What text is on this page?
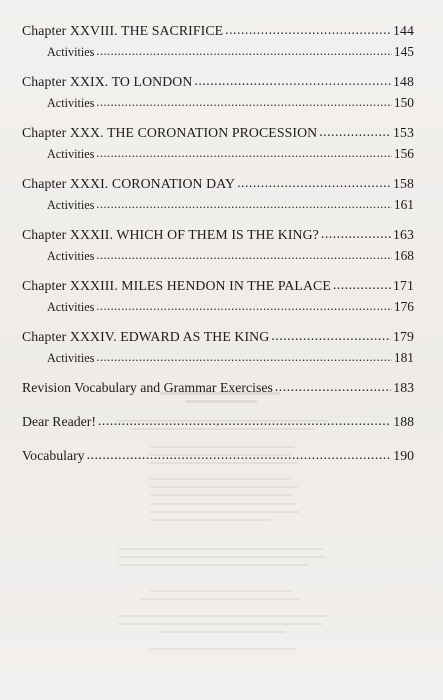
Chapter XXVIII. THE SACRIFICE .....	144
Activities .....	145
Chapter XXIX. TO LONDON .....	148
Activities .....	150
Chapter XXX. THE CORONATION PROCESSION .....	153
Activities .....	156
Chapter XXXI. CORONATION DAY .....	158
Activities .....	161
Chapter XXXII. WHICH OF THEM IS THE KING? .....	163
Activities .....	168
Chapter XXXIII. MILES HENDON IN THE PALACE .....	171
Activities .....	176
Chapter XXXIV. EDWARD AS THE KING .....	179
Activities .....	181
Revision Vocabulary and Grammar Exercises .....	183
Dear Reader! .....	188
Vocabulary .....	190
